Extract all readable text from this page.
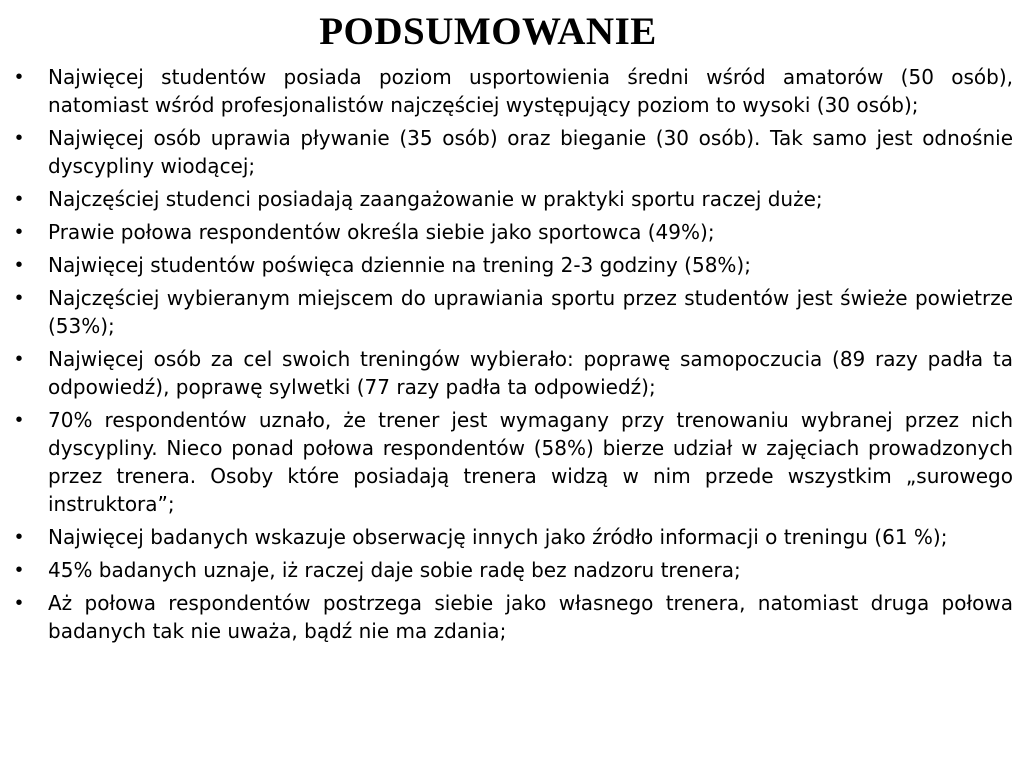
PODSUMOWANIE
• Najwięcej studentów posiada poziom usportowienia średni wśród amatorów (50 osób), natomiast wśród profesjonalistów najczęściej występujący poziom to wysoki (30 osób);
• Najwięcej osób uprawia pływanie (35 osób) oraz bieganie (30 osób). Tak samo jest odnośnie dyscypliny wiodącej;
• Najczęściej studenci posiadają zaangażowanie w praktyki sportu raczej duże;
• Prawie połowa respondentów określa siebie jako sportowca (49%);
• Najwięcej studentów poświęca dziennie na trening 2-3 godziny (58%);
• Najczęściej wybieranym miejscem do uprawiania sportu przez studentów jest świeże powietrze (53%);
• Najwięcej osób za cel swoich treningów wybierało: poprawę samopoczucia (89 razy padła ta odpowiedź), poprawę sylwetki (77 razy padła ta odpowiedź);
• 70% respondentów uznało, że trener jest wymagany przy trenowaniu wybranej przez nich dyscypliny. Nieco ponad połowa respondentów (58%) bierze udział w zajęciach prowadzonych przez trenera. Osoby które posiadają trenera widzą w nim przede wszystkim „surowego instruktora”;
• Najwięcej badanych wskazuje obserwację innych jako źródło informacji o treningu (61 %);
• 45% badanych uznaje, iż raczej daje sobie radę bez nadzoru trenera;
• Aż połowa respondentów postrzega siebie jako własnego trenera, natomiast druga połowa badanych tak nie uważa, bądź nie ma zdania;
